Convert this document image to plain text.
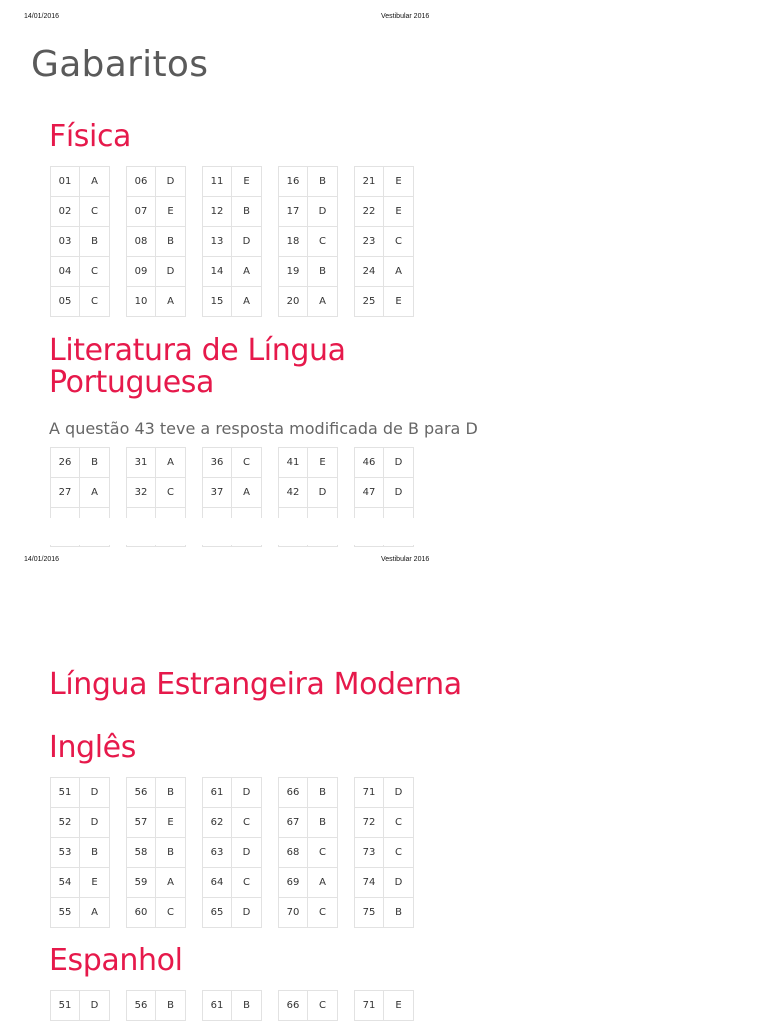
14/01/2016	Vestibular 2016
Gabaritos
Física
01	A
02	C
03	B
04	C
05	C
06	D
07	E
08	B
09	D
10	A
11	E
12	B
13	D
14	A
15	A
16	B
17	D
18	C
19	B
20	A
21	E
22	E
23	C
24	A
25	E
Literatura de Língua
Portuguesa

A questão 43 teve a resposta modificada de B para D

26	B
27	A

31	A
32	C

36	C
37	A

41	E
42	D

46	D
47	D

14/01/2016	Vestibular 2016

Língua Estrangeira Moderna
Inglês
51	D
52	D
53	B
54	E
55	A
56	B
57	E
58	B
59	A
60	C
61	D
62	C
63	D
64	C
65	D
66	B
67	B
68	C
69	A
70	C
71	D
72	C
73	C
74	D
75	B
Espanhol
51	D	56	B	61	B	66	C	71	E
